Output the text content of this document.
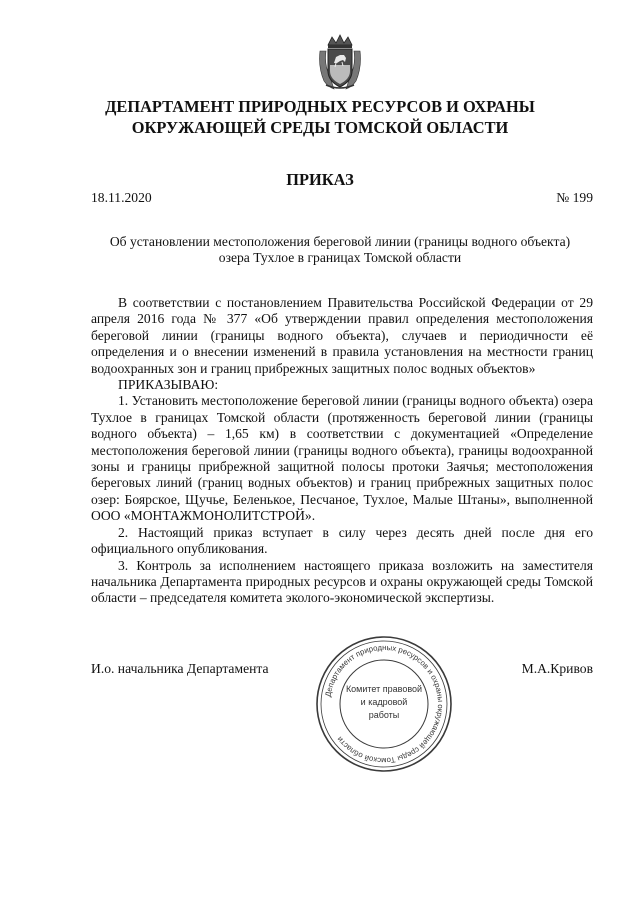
ДЕПАРТАМЕНТ ПРИРОДНЫХ РЕСУРСОВ И ОХРАНЫ
ОКРУЖАЮЩЕЙ СРЕДЫ ТОМСКОЙ ОБЛАСТИ
ПРИКАЗ
18.11.2020	№ 199
Об установлении местоположения береговой линии (границы водного объекта)
озера Тухлое в границах Томской области

В соответствии с постановлением Правительства Российской Федерации от 29 апреля 2016 года № 377 «Об утверждении правил определения местоположения береговой линии (границы водного объекта), случаев и периодичности её определения и о внесении изменений в правила установления на местности границ водоохранных зон и границ прибрежных защитных полос водных объектов»

ПРИКАЗЫВАЮ:

1. Установить местоположение береговой линии (границы водного объекта) озера Тухлое в границах Томской области (протяженность береговой линии (границы водного объекта) – 1,65 км) в соответствии с документацией «Определение местоположения береговой линии (границы водного объекта), границы водоохранной зоны и границы прибрежной защитной полосы протоки Заячья; местоположения береговых линий (границ водных объектов) и границ прибрежных защитных полос озер: Боярское, Щучье, Беленькое, Песчаное, Тухлое, Малые Штаны», выполненной ООО «МОНТАЖМОНОЛИТСТРОЙ».

2. Настоящий приказ вступает в силу через десять дней после дня его официального опубликования.

3. Контроль за исполнением настоящего приказа возложить на заместителя начальника Департамента природных ресурсов и охраны окружающей среды Томской области – председателя комитета эколого-экономической экспертизы.

И.о. начальника Департамента	М.А.Кривов
Департамент природных ресурсов и охраны окружающей среды Томской области
Комитет правовой
и кадровой
работы
